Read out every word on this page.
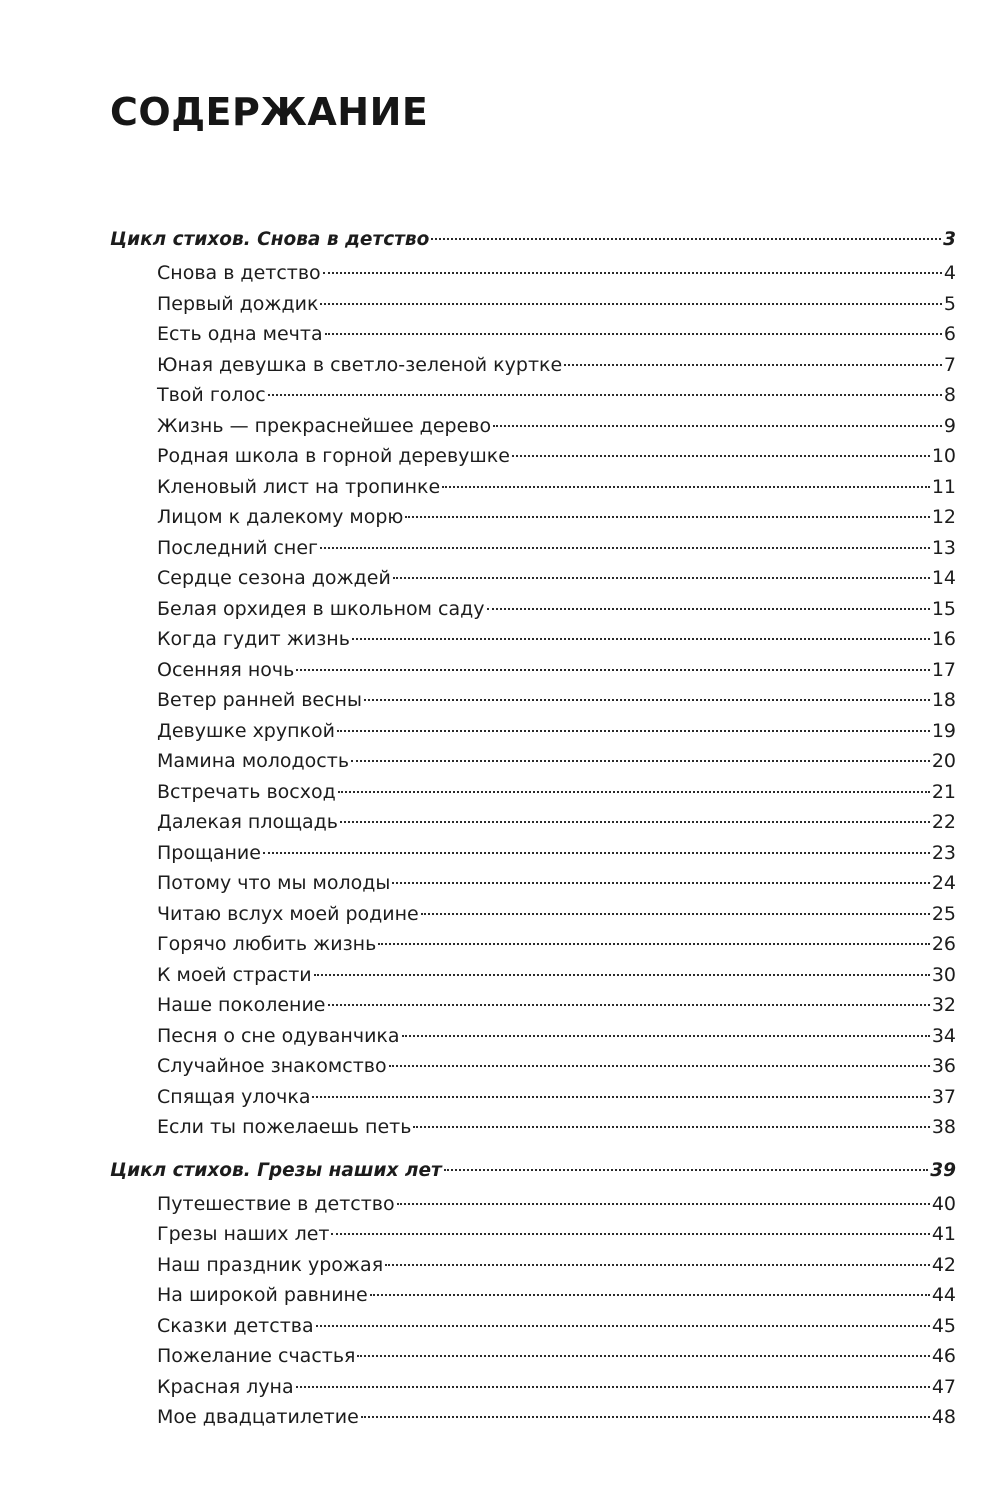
СОДЕРЖАНИЕ
Цикл стихов. Снова в детство	3
Снова в детство	4
Первый дождик	5
Есть одна мечта	6
Юная девушка в светло-зеленой куртке	7
Твой голос	8
Жизнь — прекраснейшее дерево	9
Родная школа в горной деревушке	10
Кленовый лист на тропинке	11
Лицом к далекому морю	12
Последний снег	13
Сердце сезона дождей	14
Белая орхидея в школьном саду	15
Когда гудит жизнь	16
Осенняя ночь	17
Ветер ранней весны	18
Девушке хрупкой	19
Мамина молодость	20
Встречать восход	21
Далекая площадь	22
Прощание	23
Потому что мы молоды	24
Читаю вслух моей родине	25
Горячо любить жизнь	26
К моей страсти	30
Наше поколение	32
Песня о сне одуванчика	34
Случайное знакомство	36
Спящая улочка	37
Если ты пожелаешь петь	38
Цикл стихов. Грезы наших лет	39
Путешествие в детство	40
Грезы наших лет	41
Наш праздник урожая	42
На широкой равнине	44
Сказки детства	45
Пожелание счастья	46
Красная луна	47
Мое двадцатилетие	48
